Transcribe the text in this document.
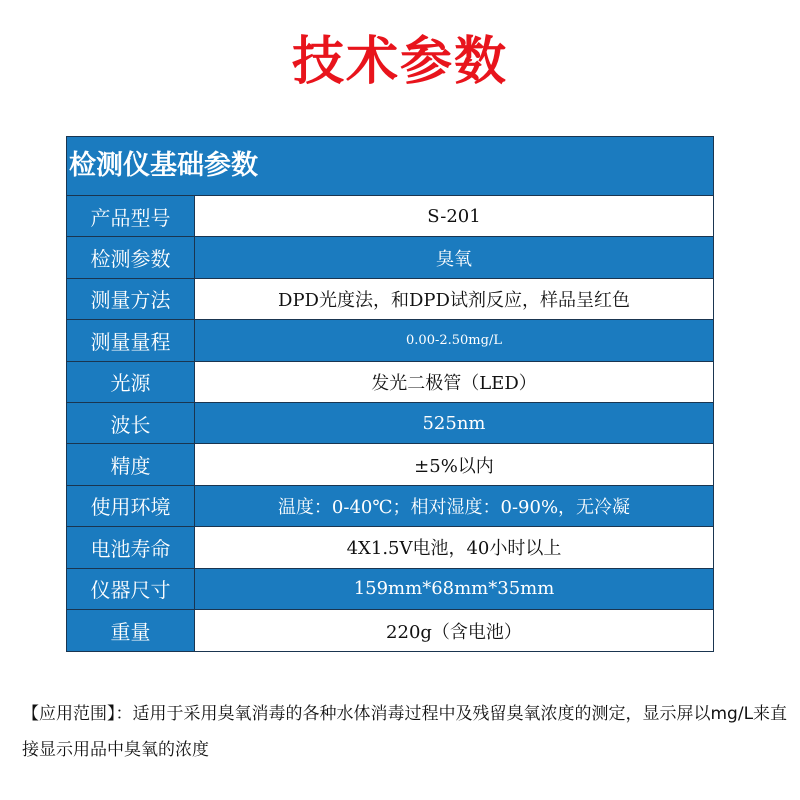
技术参数
检测仪基础参数
产品型号	S-201
检测参数	臭氧
测量方法	DPD光度法，和DPD试剂反应，样品呈红色
测量量程	0.00-2.50mg/L
光源	发光二极管（LED）
波长	525nm
精度	±5%以内
使用环境	温度：0-40℃；相对湿度：0-90%，无冷凝
电池寿命	4X1.5V电池，40小时以上
仪器尺寸	159mm*68mm*35mm
重量	220g（含电池）
【应用范围】：适用于采用臭氧消毒的各种水体消毒过程中及残留臭氧浓度的测定，显示屏以mg/L来直接显示用品中臭氧的浓度
